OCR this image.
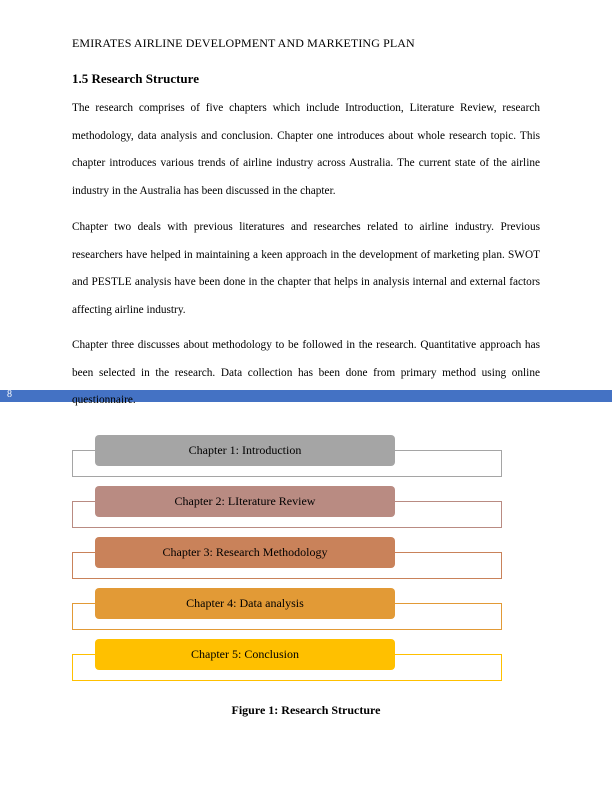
EMIRATES AIRLINE DEVELOPMENT AND MARKETING PLAN
1.5 Research Structure

The research comprises of five chapters which include Introduction, Literature Review, research methodology, data analysis and conclusion. Chapter one introduces about whole research topic. This chapter introduces various trends of airline industry across Australia. The current state of the airline industry in the Australia has been discussed in the chapter.

Chapter two deals with previous literatures and researches related to airline industry. Previous researchers have helped in maintaining a keen approach in the development of marketing plan. SWOT and PESTLE analysis have been done in the chapter that helps in analysis internal and external factors affecting airline industry.

8

Chapter three discusses about methodology to be followed in the research. Quantitative approach has been selected in the research. Data collection has been done from primary method using online questionnaire.

Chapter 1: Introduction
Chapter 2: LIterature Review
Chapter 3: Research Methodology
Chapter 4: Data analysis
Chapter 5: Conclusion
Figure 1: Research Structure
